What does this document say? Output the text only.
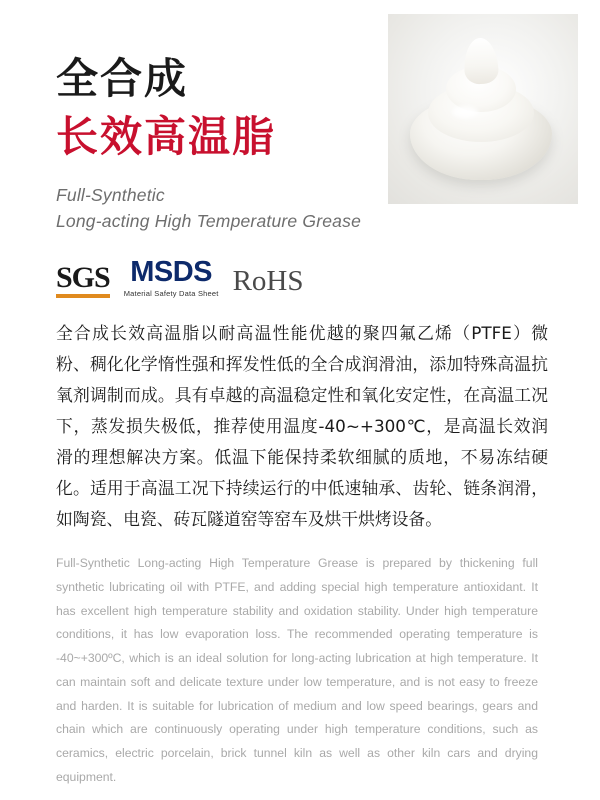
全合成
长效高温脂
Full-Synthetic
Long-acting High Temperature Grease
SGS MSDS
Material Safety Data Sheet RoHS
全合成长效高温脂以耐高温性能优越的聚四氟乙烯（PTFE）微粉、稠化化学惰性强和挥发性低的全合成润滑油，添加特殊高温抗氧剂调制而成。具有卓越的高温稳定性和氧化安定性，在高温工况下，蒸发损失极低，推荐使用温度-40~+300℃，是高温长效润滑的理想解决方案。低温下能保持柔软细腻的质地，不易冻结硬化。适用于高温工况下持续运行的中低速轴承、齿轮、链条润滑，如陶瓷、电瓷、砖瓦隧道窑等窑车及烘干烘烤设备。
Full-Synthetic Long-acting High Temperature Grease is prepared by thickening full synthetic lubricating oil with PTFE, and adding special high temperature antioxidant. It has excellent high temperature stability and oxidation stability. Under high temperature conditions, it has low evaporation loss. The recommended operating temperature is -40~+300ºC, which is an ideal solution for long-acting lubrication at high temperature. It can maintain soft and delicate texture under low temperature, and is not easy to freeze and harden. It is suitable for lubrication of medium and low speed bearings, gears and chain which are continuously operating under high temperature conditions, such as ceramics, electric porcelain, brick tunnel kiln as well as other kiln cars and drying equipment.
